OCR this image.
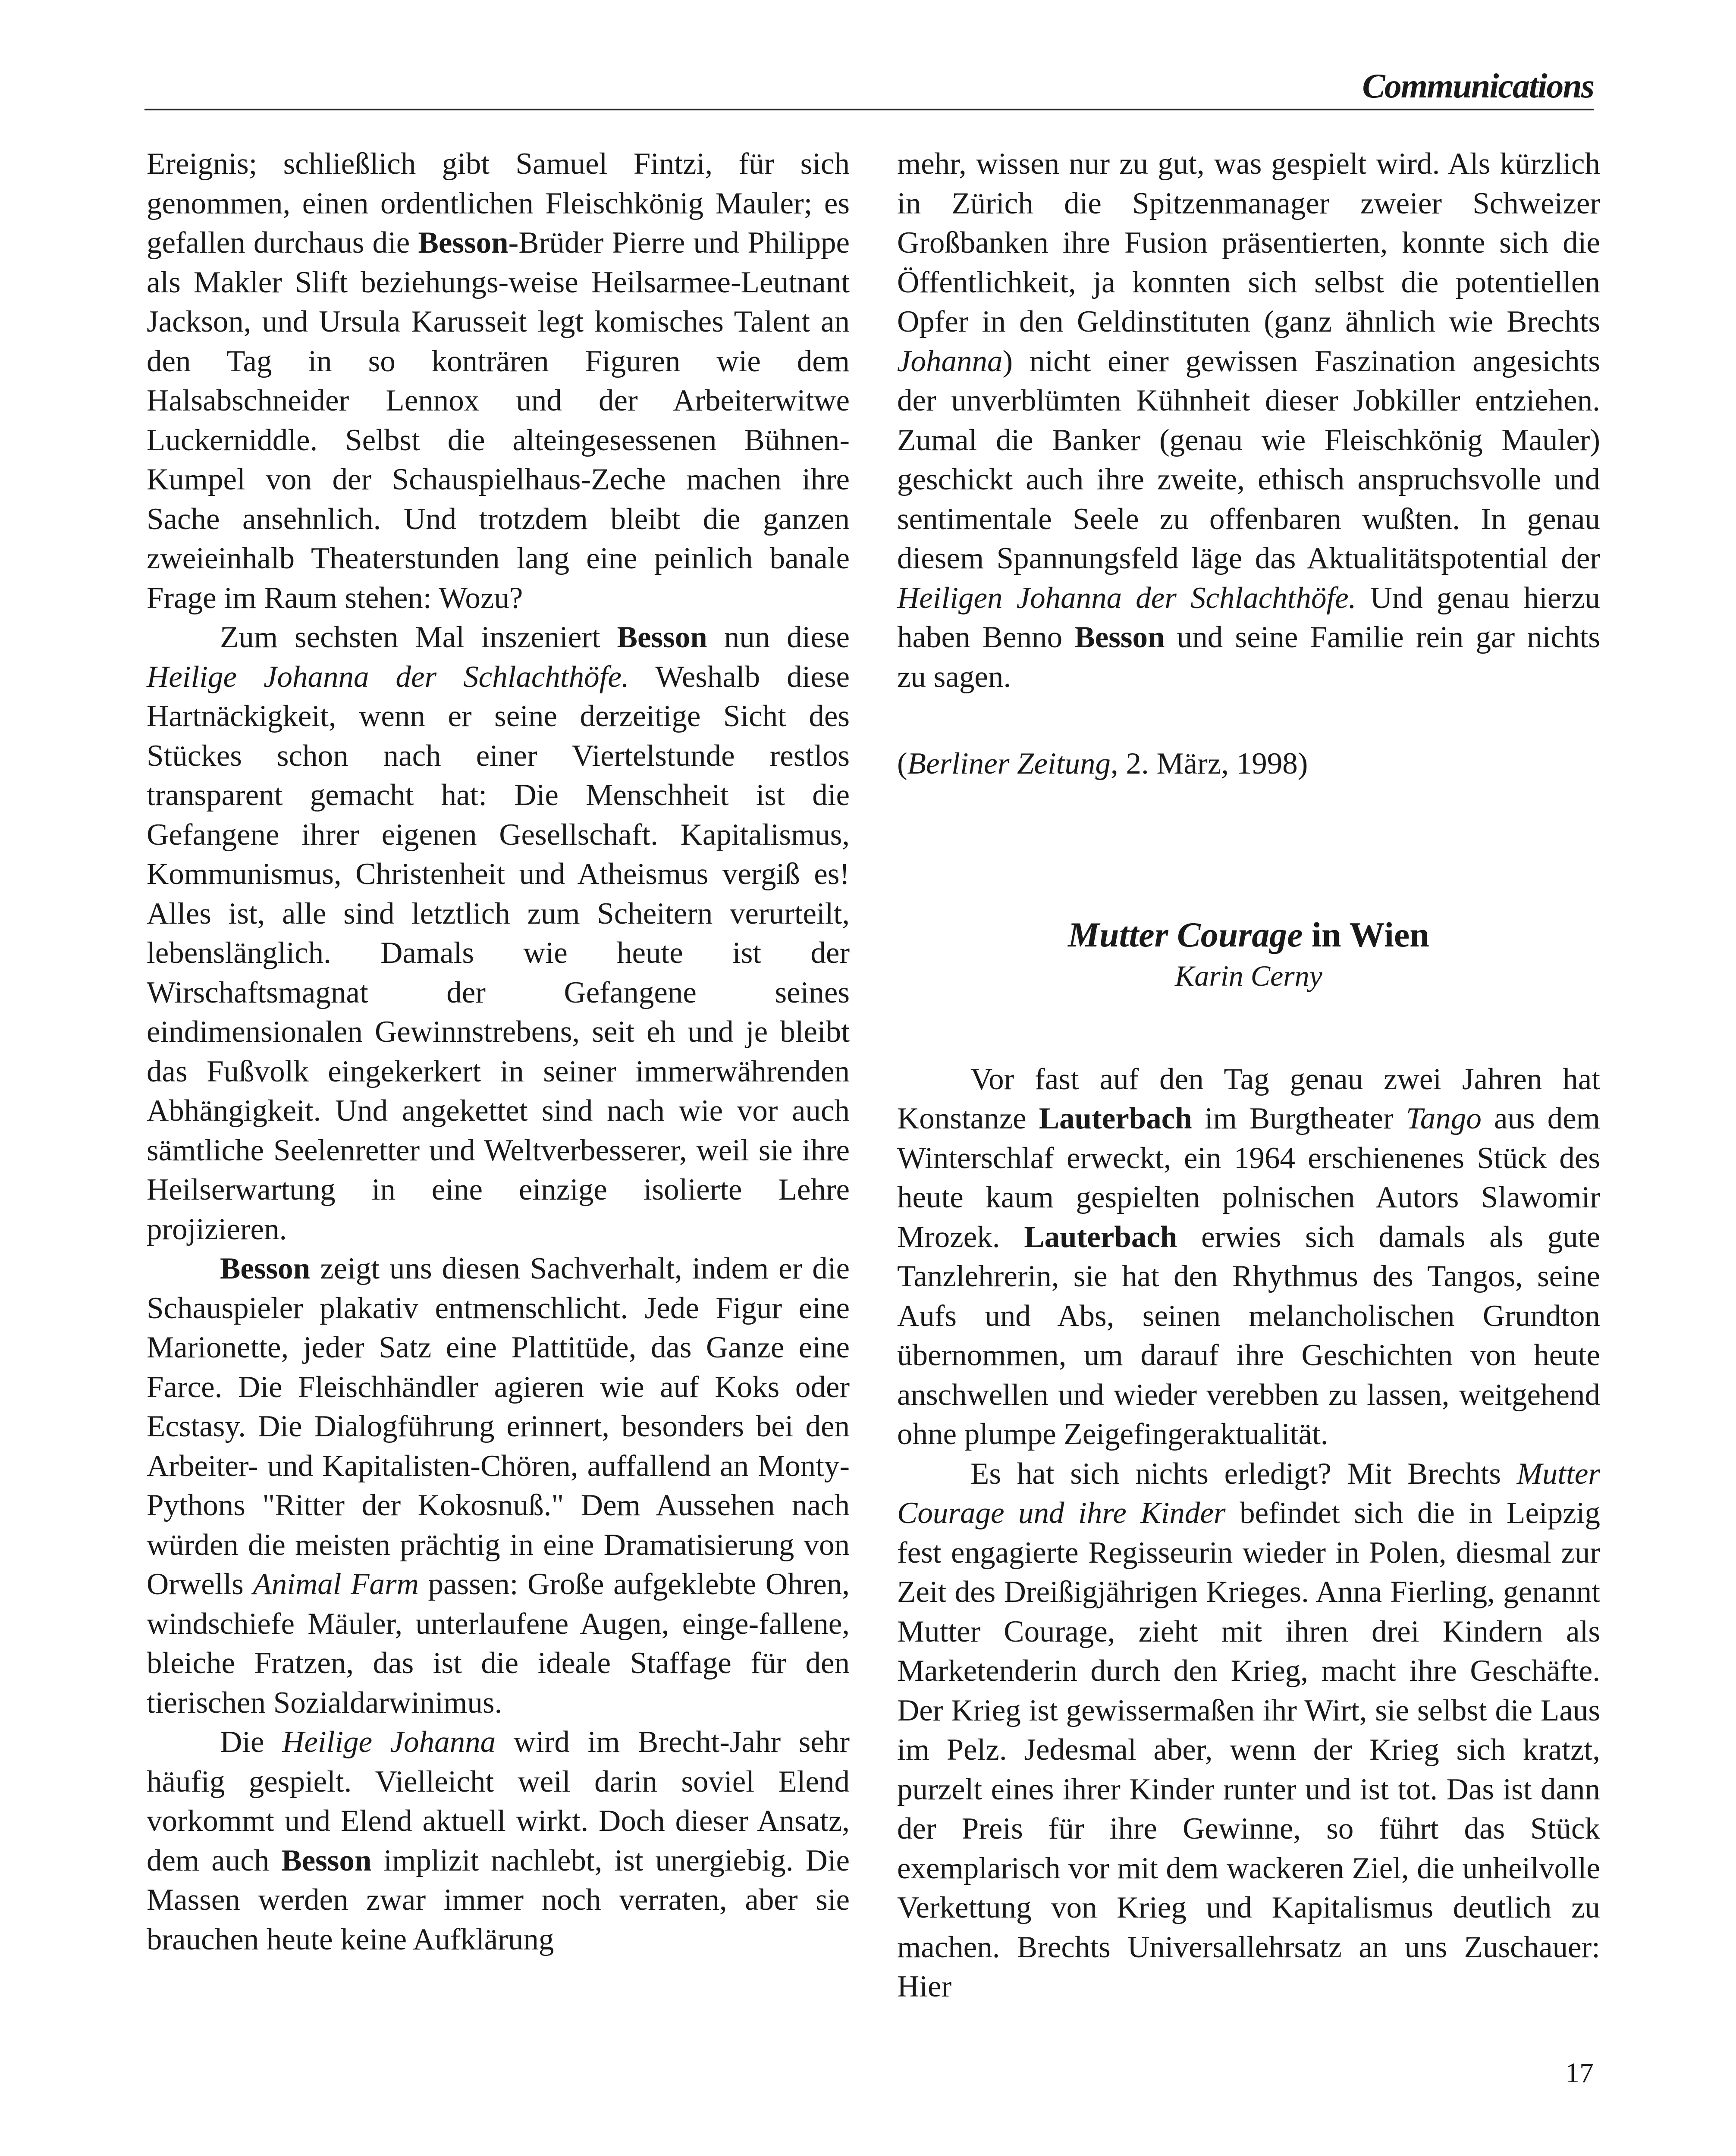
Communications

Ereignis; schließlich gibt Samuel Fintzi, für sich genommen, einen ordentlichen Fleischkönig Mauler; es gefallen durchaus die Besson-Brüder Pierre und Philippe als Makler Slift beziehungs-weise Heilsarmee-Leutnant Jackson, und Ursula Karusseit legt komisches Talent an den Tag in so konträren Figuren wie dem Halsabschneider Lennox und der Arbeiterwitwe Luckerniddle. Selbst die alteingesessenen Bühnen-Kumpel von der Schauspielhaus-Zeche machen ihre Sache ansehnlich. Und trotzdem bleibt die ganzen zweieinhalb Theaterstunden lang eine peinlich banale Frage im Raum stehen: Wozu?

Zum sechsten Mal inszeniert Besson nun diese Heilige Johanna der Schlachthöfe. Weshalb diese Hartnäckigkeit, wenn er seine derzeitige Sicht des Stückes schon nach einer Viertelstunde restlos transparent gemacht hat: Die Menschheit ist die Gefangene ihrer eigenen Gesellschaft. Kapitalismus, Kommunismus, Christenheit und Atheismus vergiß es! Alles ist, alle sind letztlich zum Scheitern verurteilt, lebenslänglich. Damals wie heute ist der Wirschaftsmagnat der Gefangene seines eindimensionalen Gewinnstrebens, seit eh und je bleibt das Fußvolk eingekerkert in seiner immerwährenden Abhängigkeit. Und angekettet sind nach wie vor auch sämtliche Seelenretter und Weltverbesserer, weil sie ihre Heilserwartung in eine einzige isolierte Lehre projizieren.

Besson zeigt uns diesen Sachverhalt, indem er die Schauspieler plakativ entmenschlicht. Jede Figur eine Marionette, jeder Satz eine Plattitüde, das Ganze eine Farce. Die Fleischhändler agieren wie auf Koks oder Ecstasy. Die Dialogführung erinnert, besonders bei den Arbeiter- und Kapitalisten-Chören, auffallend an Monty-Pythons "Ritter der Kokosnuß." Dem Aussehen nach würden die meisten prächtig in eine Dramatisierung von Orwells Animal Farm passen: Große aufgeklebte Ohren, windschiefe Mäuler, unterlaufene Augen, einge-fallene, bleiche Fratzen, das ist die ideale Staffage für den tierischen Sozialdarwinimus.

Die Heilige Johanna wird im Brecht-Jahr sehr häufig gespielt. Vielleicht weil darin soviel Elend vorkommt und Elend aktuell wirkt. Doch dieser Ansatz, dem auch Besson implizit nachlebt, ist unergiebig. Die Massen werden zwar immer noch verraten, aber sie brauchen heute keine Aufklärung

mehr, wissen nur zu gut, was gespielt wird. Als kürzlich in Zürich die Spitzenmanager zweier Schweizer Großbanken ihre Fusion präsentierten, konnte sich die Öffentlichkeit, ja konnten sich selbst die potentiellen Opfer in den Geldinstituten (ganz ähnlich wie Brechts Johanna) nicht einer gewissen Faszination angesichts der unverblümten Kühnheit dieser Jobkiller entziehen. Zumal die Banker (genau wie Fleischkönig Mauler) geschickt auch ihre zweite, ethisch anspruchsvolle und sentimentale Seele zu offenbaren wußten. In genau diesem Spannungsfeld läge das Aktualitätspotential der Heiligen Johanna der Schlachthöfe. Und genau hierzu haben Benno Besson und seine Familie rein gar nichts zu sagen.

(Berliner Zeitung, 2. März, 1998)

Mutter Courage in Wien
Karin Cerny

Vor fast auf den Tag genau zwei Jahren hat Konstanze Lauterbach im Burgtheater Tango aus dem Winterschlaf erweckt, ein 1964 erschienenes Stück des heute kaum gespielten polnischen Autors Slawomir Mrozek. Lauterbach erwies sich damals als gute Tanzlehrerin, sie hat den Rhythmus des Tangos, seine Aufs und Abs, seinen melancholischen Grundton übernommen, um darauf ihre Geschichten von heute anschwellen und wieder verebben zu lassen, weitgehend ohne plumpe Zeigefingeraktualität.

Es hat sich nichts erledigt? Mit Brechts Mutter Courage und ihre Kinder befindet sich die in Leipzig fest engagierte Regisseurin wieder in Polen, diesmal zur Zeit des Dreißigjährigen Krieges. Anna Fierling, genannt Mutter Courage, zieht mit ihren drei Kindern als Marketenderin durch den Krieg, macht ihre Geschäfte. Der Krieg ist gewissermaßen ihr Wirt, sie selbst die Laus im Pelz. Jedesmal aber, wenn der Krieg sich kratzt, purzelt eines ihrer Kinder runter und ist tot. Das ist dann der Preis für ihre Gewinne, so führt das Stück exemplarisch vor mit dem wackeren Ziel, die unheilvolle Verkettung von Krieg und Kapitalismus deutlich zu machen. Brechts Universallehrsatz an uns Zuschauer: Hier

17
